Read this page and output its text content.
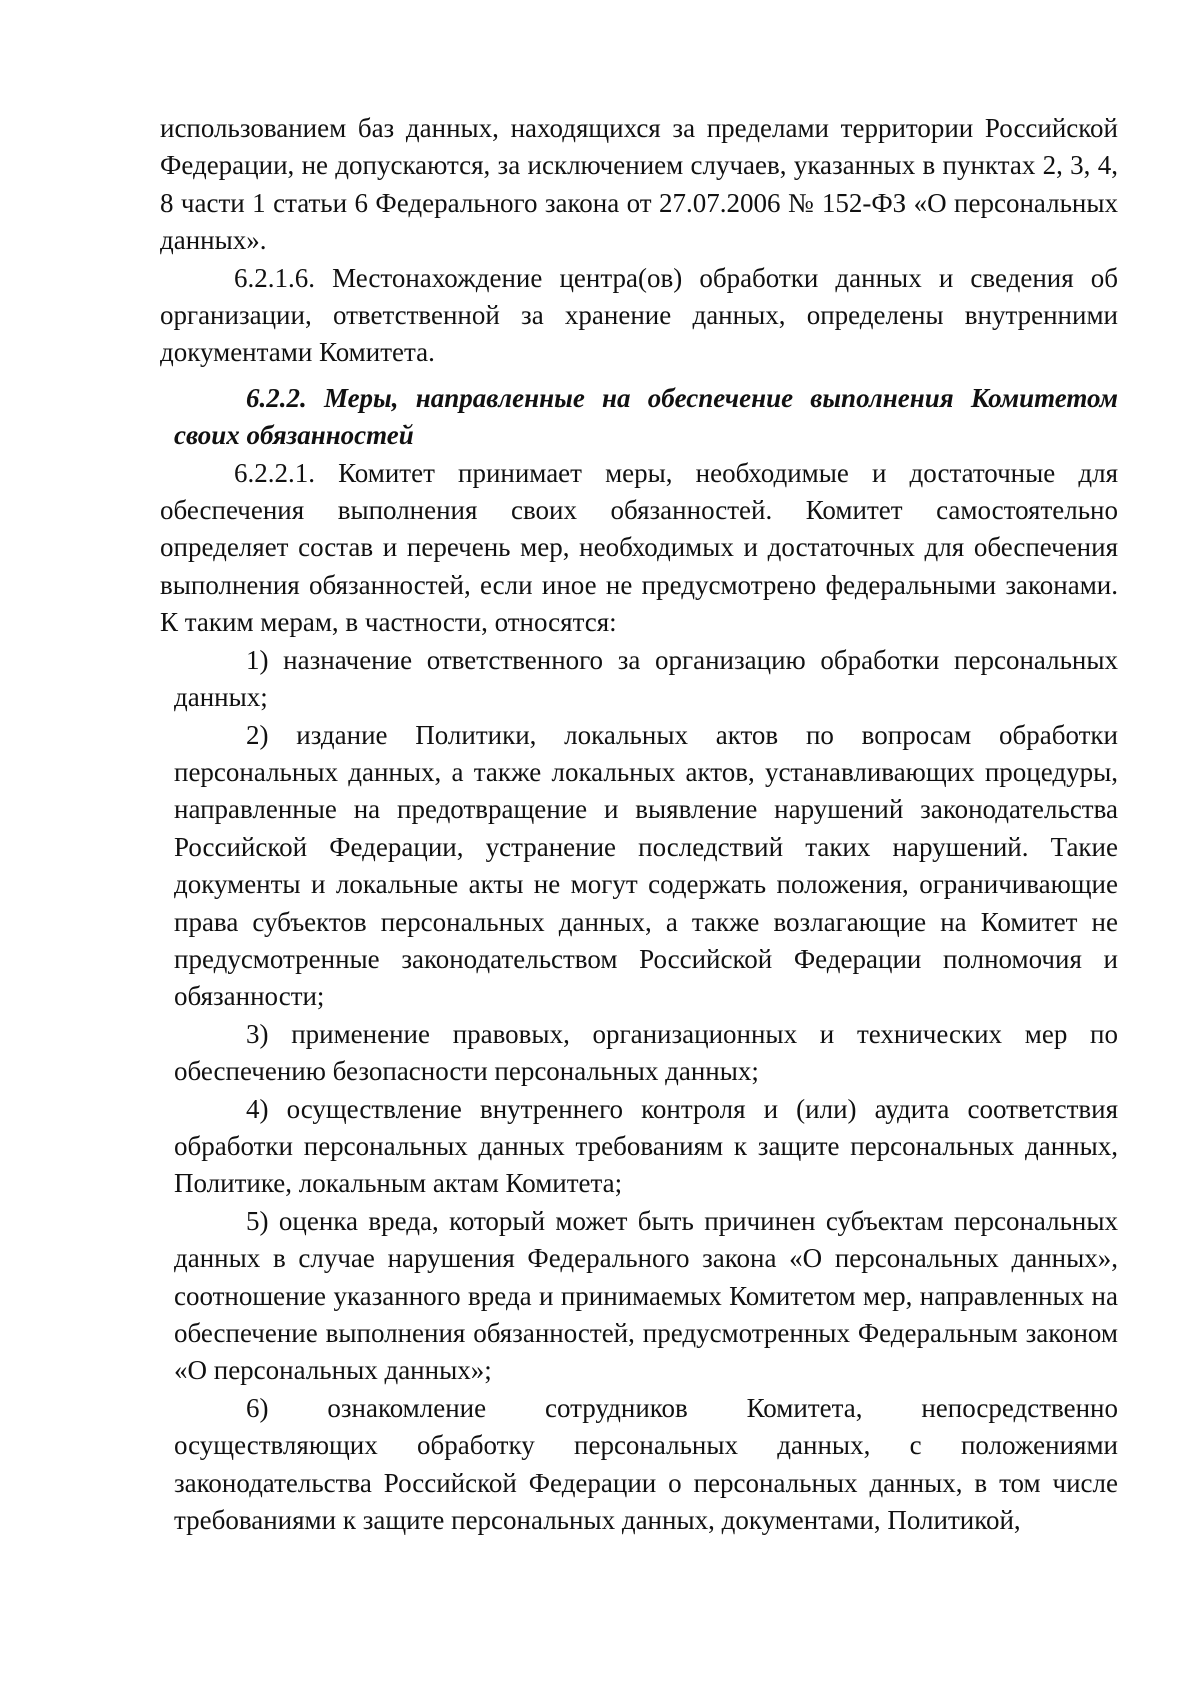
использованием баз данных, находящихся за пределами территории Российской Федерации, не допускаются, за исключением случаев, указанных в пунктах 2, 3, 4, 8 части 1 статьи 6 Федерального закона от 27.07.2006 № 152-ФЗ «О персональных данных».

6.2.1.6. Местонахождение центра(ов) обработки данных и сведения об организации, ответственной за хранение данных, определены внутренними документами Комитета.

6.2.2. Меры, направленные на обеспечение выполнения Комитетом своих обязанностей

6.2.2.1. Комитет принимает меры, необходимые и достаточные для обеспечения выполнения своих обязанностей. Комитет самостоятельно определяет состав и перечень мер, необходимых и достаточных для обеспечения выполнения обязанностей, если иное не предусмотрено федеральными законами. К таким мерам, в частности, относятся:

1) назначение ответственного за организацию обработки персональных данных;

2) издание Политики, локальных актов по вопросам обработки персональных данных, а также локальных актов, устанавливающих процедуры, направленные на предотвращение и выявление нарушений законодательства Российской Федерации, устранение последствий таких нарушений. Такие документы и локальные акты не могут содержать положения, ограничивающие права субъектов персональных данных, а также возлагающие на Комитет не предусмотренные законодательством Российской Федерации полномочия и обязанности;

3) применение правовых, организационных и технических мер по обеспечению безопасности персональных данных;

4) осуществление внутреннего контроля и (или) аудита соответствия обработки персональных данных требованиям к защите персональных данных, Политике, локальным актам Комитета;

5) оценка вреда, который может быть причинен субъектам персональных данных в случае нарушения Федерального закона «О персональных данных», соотношение указанного вреда и принимаемых Комитетом мер, направленных на обеспечение выполнения обязанностей, предусмотренных Федеральным законом «О персональных данных»;

6) ознакомление сотрудников Комитета, непосредственно осуществляющих обработку персональных данных, с положениями законодательства Российской Федерации о персональных данных, в том числе требованиями к защите персональных данных, документами, Политикой,
